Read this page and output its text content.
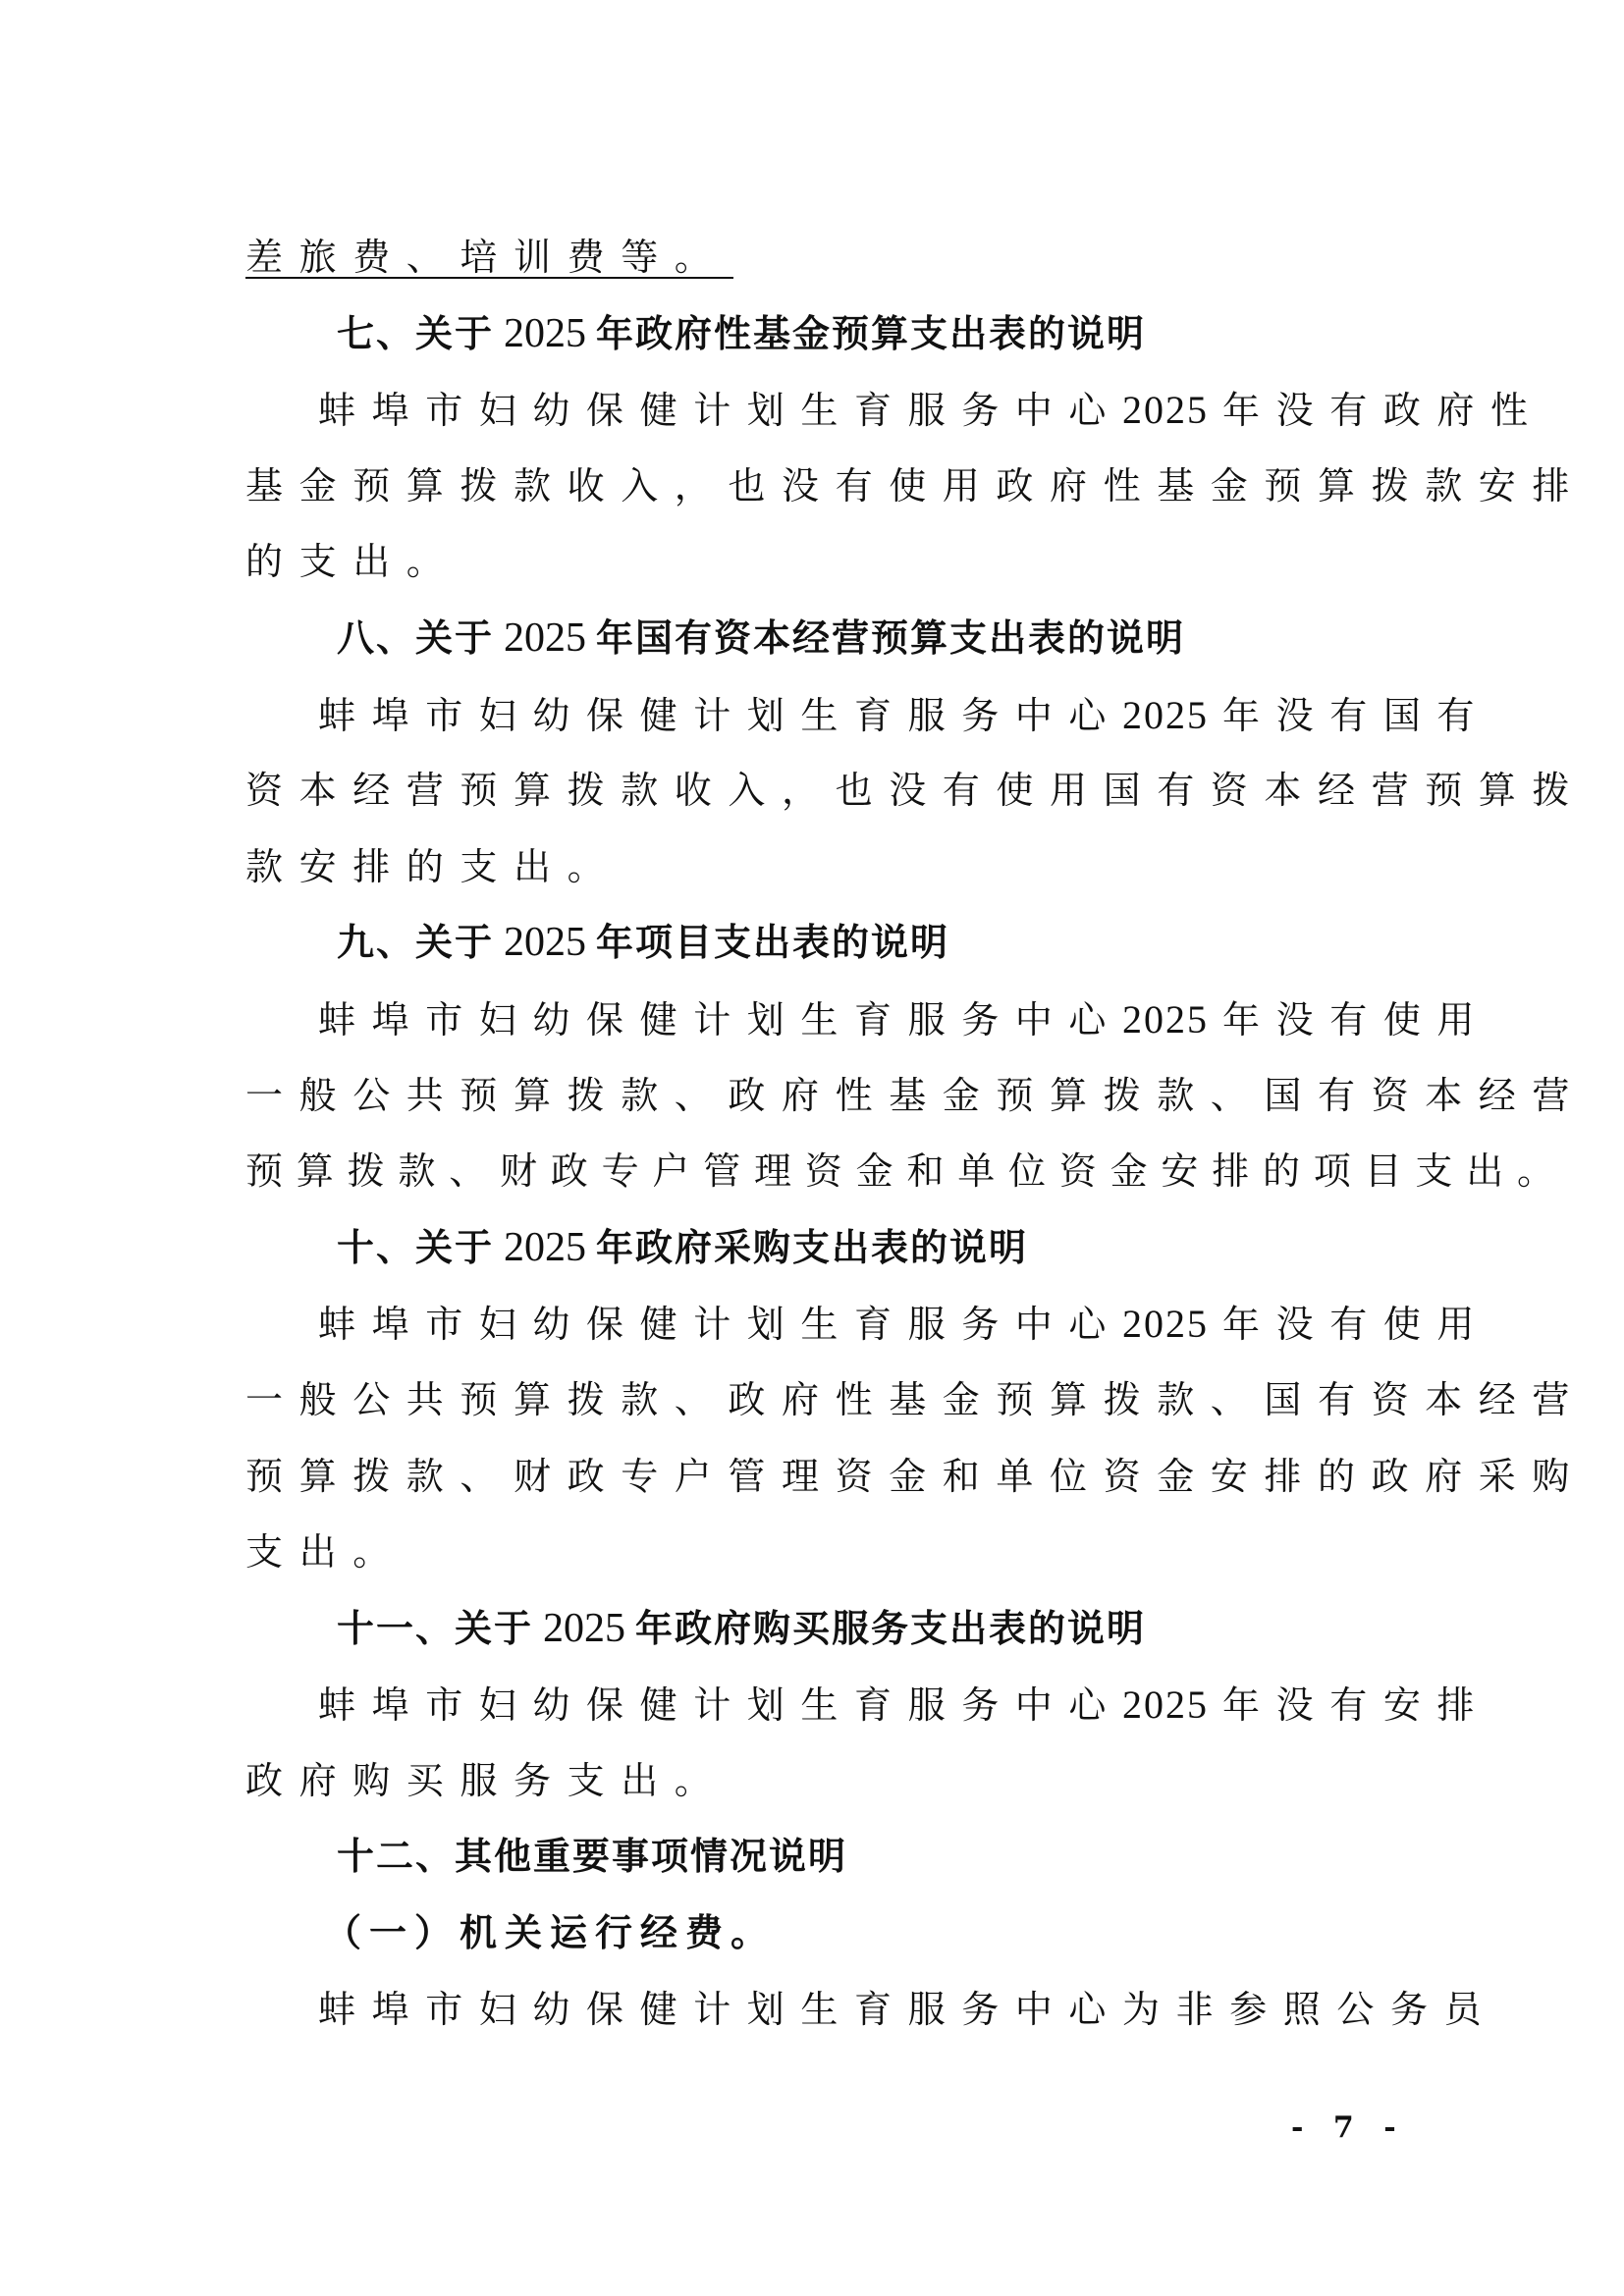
差旅费、培训费等。
七、关于 2025 年政府性基金预算支出表的说明
蚌埠市妇幼保健计划生育服务中心2025 年没有政府性
基金预算拨款收入，也没有使用政府性基金预算拨款安排
的支出。
八、关于 2025 年国有资本经营预算支出表的说明
蚌埠市妇幼保健计划生育服务中心2025 年没有国有
资本经营预算拨款收入，也没有使用国有资本经营预算拨
款安排的支出。
九、关于 2025 年项目支出表的说明
蚌埠市妇幼保健计划生育服务中心2025 年没有使用
一般公共预算拨款、政府性基金预算拨款、国有资本经营
预算拨款、财政专户管理资金和单位资金安排的项目支出。
十、关于 2025 年政府采购支出表的说明
蚌埠市妇幼保健计划生育服务中心2025 年没有使用
一般公共预算拨款、政府性基金预算拨款、国有资本经营
预算拨款、财政专户管理资金和单位资金安排的政府采购
支出。
十一、关于 2025 年政府购买服务支出表的说明
蚌埠市妇幼保健计划生育服务中心2025 年没有安排
政府购买服务支出。
十二、其他重要事项情况说明
（一）机关运行经费。
蚌埠市妇幼保健计划生育服务中心为非参照公务员
- 7 -
